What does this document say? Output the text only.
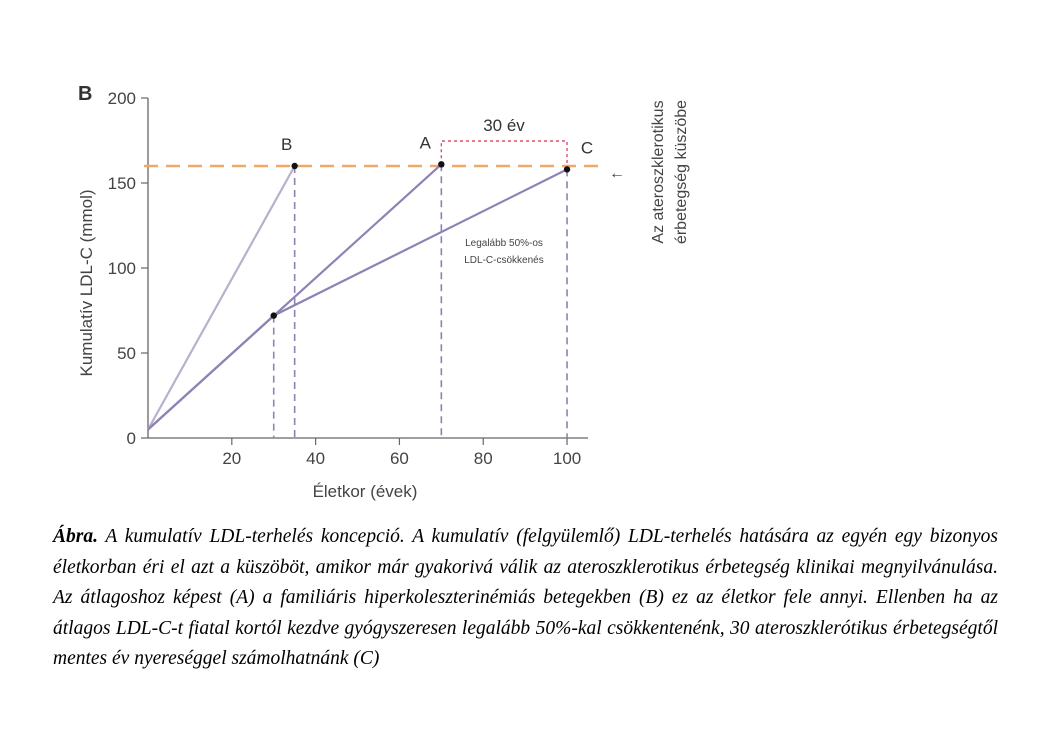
0
50
100
150
200
20	40	60	80	100
B	A	C
B
Életkor (évek)
Kumulatív LDL-C (mmol)
30 év
Legalább 50%-os
LDL-C-csökkenés
Az ateroszklerotikus érbetegség küszöbe
←
Ábra. A kumulatív LDL-terhelés koncepció. A kumulatív (felgyülemlő) LDL-terhelés hatására az egyén egy bizonyos életkorban éri el azt a küszöböt, amikor már gyakorivá válik az ateroszklerotikus érbetegség klinikai megnyilvánulása. Az átlagoshoz képest (A) a familiáris hiperkoleszterinémiás betegekben (B) ez az életkor fele annyi. Ellenben ha az átlagos LDL-C-t fiatal kortól kezdve gyógyszeresen legalább 50%-kal csökkentenénk, 30 ateroszklerótikus érbetegségtől mentes év nyereséggel számolhatnánk (C)
